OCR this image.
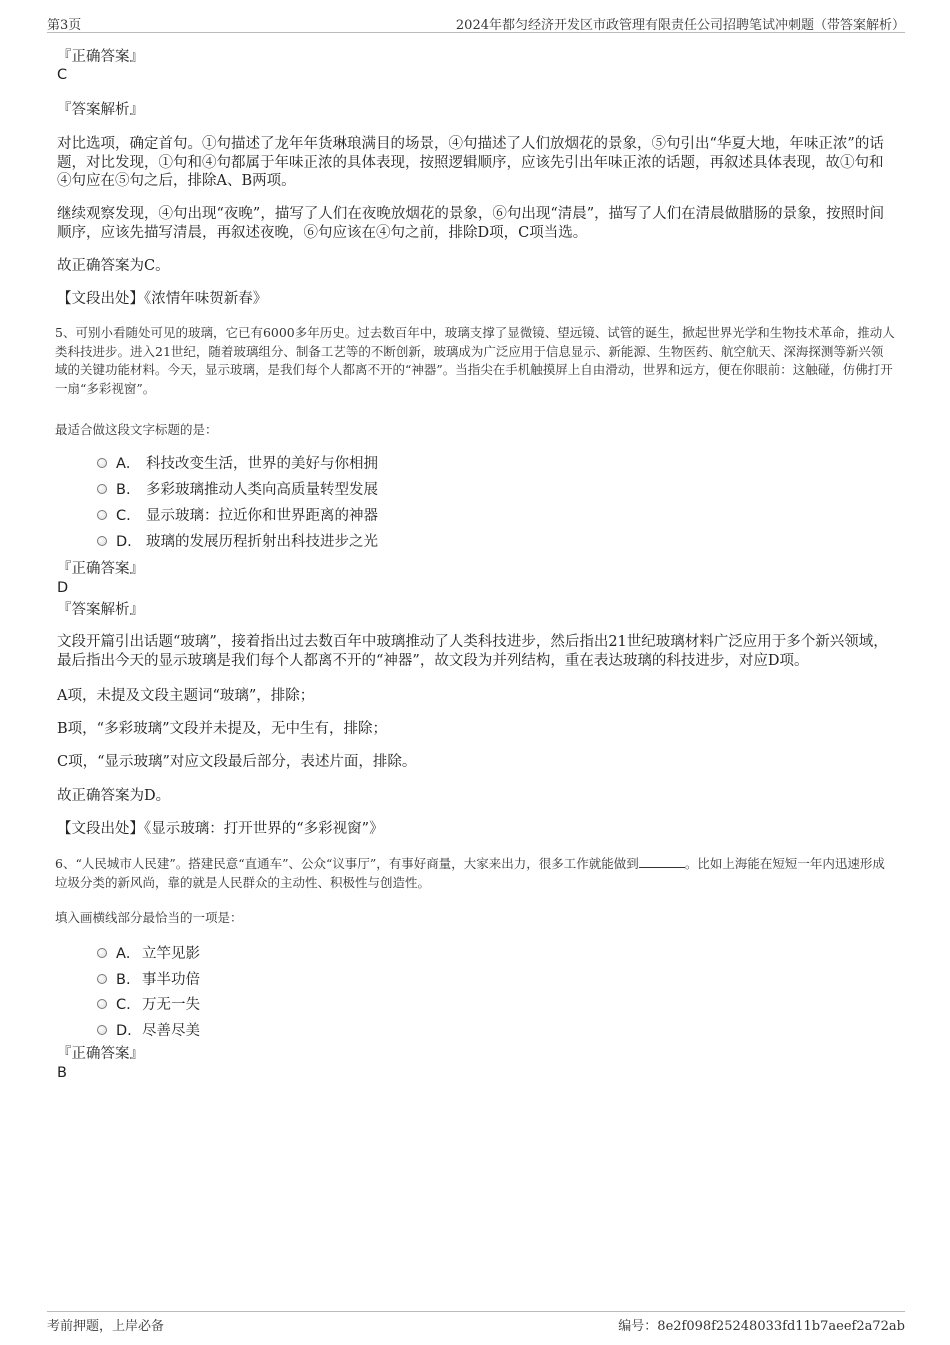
第3页	2024年都匀经济开发区市政管理有限责任公司招聘笔试冲刺题（带答案解析）
『正确答案』
C
『答案解析』
对比选项，确定首句。①句描述了龙年年货琳琅满目的场景，④句描述了人们放烟花的景象，⑤句引出“华夏大地，年味正浓”的话题，对比发现，①句和④句都属于年味正浓的具体表现，按照逻辑顺序，应该先引出年味正浓的话题，再叙述具体表现，故①句和④句应在⑤句之后，排除A、B两项。
继续观察发现，④句出现“夜晚”，描写了人们在夜晚放烟花的景象，⑥句出现“清晨”，描写了人们在清晨做腊肠的景象，按照时间顺序，应该先描写清晨，再叙述夜晚，⑥句应该在④句之前，排除D项，C项当选。
故正确答案为C。
【文段出处】《浓情年味贺新春》
5、可别小看随处可见的玻璃，它已有6000多年历史。过去数百年中，玻璃支撑了显微镜、望远镜、试管的诞生，掀起世界光学和生物技术革命，推动人类科技进步。进入21世纪，随着玻璃组分、制备工艺等的不断创新，玻璃成为广泛应用于信息显示、新能源、生物医药、航空航天、深海探测等新兴领域的关键功能材料。今天，显示玻璃，是我们每个人都离不开的“神器”。当指尖在手机触摸屏上自由滑动，世界和远方，便在你眼前：这触碰，仿佛打开一扇“多彩视窗”。
最适合做这段文字标题的是：
A． 科技改变生活，世界的美好与你相拥
B. 多彩玻璃推动人类向高质量转型发展
C. 显示玻璃：拉近你和世界距离的神器
D. 玻璃的发展历程折射出科技进步之光
『正确答案』
D
『答案解析』
文段开篇引出话题“玻璃”，接着指出过去数百年中玻璃推动了人类科技进步，然后指出21世纪玻璃材料广泛应用于多个新兴领域，最后指出今天的显示玻璃是我们每个人都离不开的“神器”，故文段为并列结构，重在表达玻璃的科技进步，对应D项。
A项，未提及文段主题词“玻璃”，排除；
B项，“多彩玻璃”文段并未提及，无中生有，排除；
C项，“显示玻璃”对应文段最后部分，表述片面，排除。
故正确答案为D。
【文段出处】《显示玻璃：打开世界的“多彩视窗”》
6、“人民城市人民建”。搭建民意“直通车”、公众“议事厅”，有事好商量，大家来出力，很多工作就能做到	。比如上海能在短短一年内迅速形成垃圾分类的新风尚，靠的就是人民群众的主动性、积极性与创造性。
填入画横线部分最恰当的一项是：
A． 立竿见影
B. 事半功倍
C. 万无一失
D. 尽善尽美
『正确答案』
B
考前押题，上岸必备	编号：8e2f098f25248033fd11b7aeef2a72ab
